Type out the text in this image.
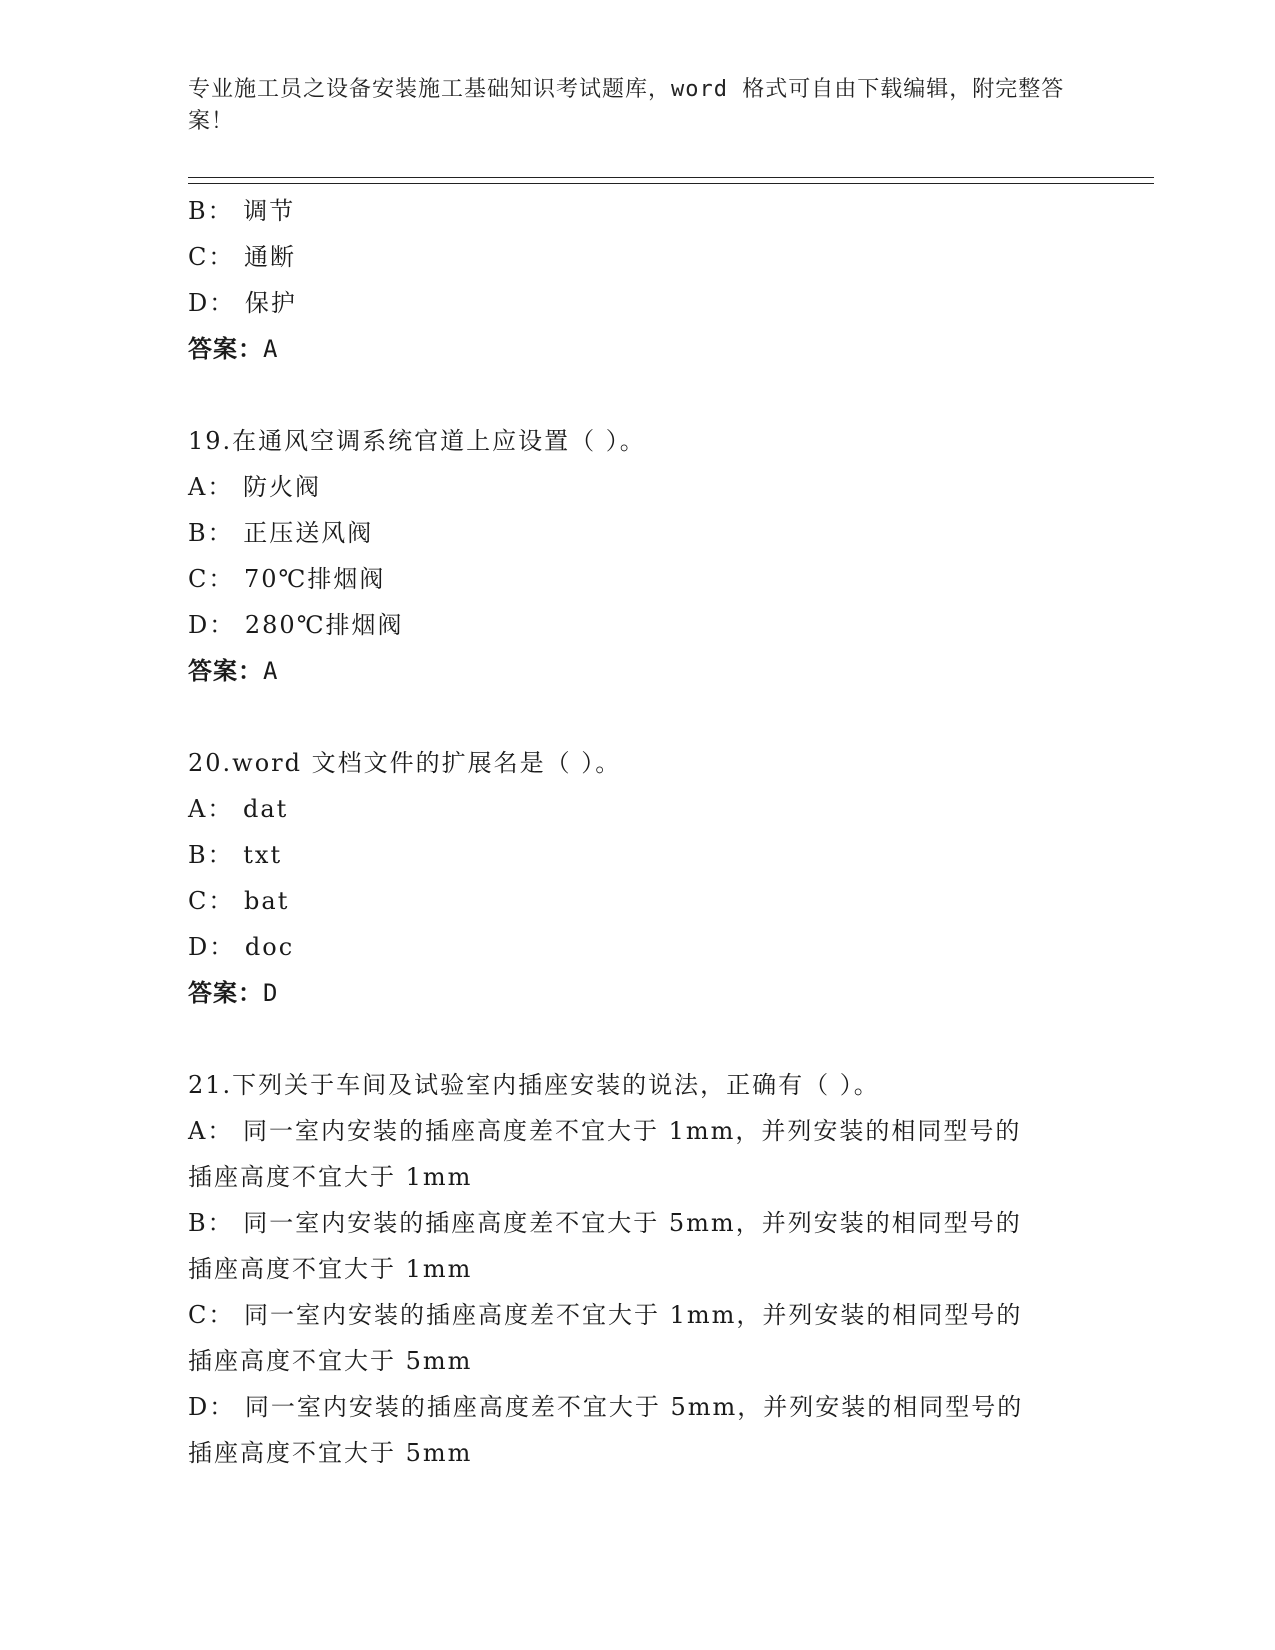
专业施工员之设备安装施工基础知识考试题库，word 格式可自由下载编辑，附完整答案！
B： 调节
C： 通断
D： 保护
答案：A
19.在通风空调系统官道上应设置（ ）。
A： 防火阀
B： 正压送风阀
C： 70℃排烟阀
D： 280℃排烟阀
答案：A
20.word 文档文件的扩展名是（ ）。
A： dat
B： txt
C： bat
D： doc
答案：D
21.下列关于车间及试验室内插座安装的说法，正确有（ ）。
A： 同一室内安装的插座高度差不宜大于 1mm，并列安装的相同型号的
插座高度不宜大于 1mm
B： 同一室内安装的插座高度差不宜大于 5mm，并列安装的相同型号的
插座高度不宜大于 1mm
C： 同一室内安装的插座高度差不宜大于 1mm，并列安装的相同型号的
插座高度不宜大于 5mm
D： 同一室内安装的插座高度差不宜大于 5mm，并列安装的相同型号的
插座高度不宜大于 5mm
